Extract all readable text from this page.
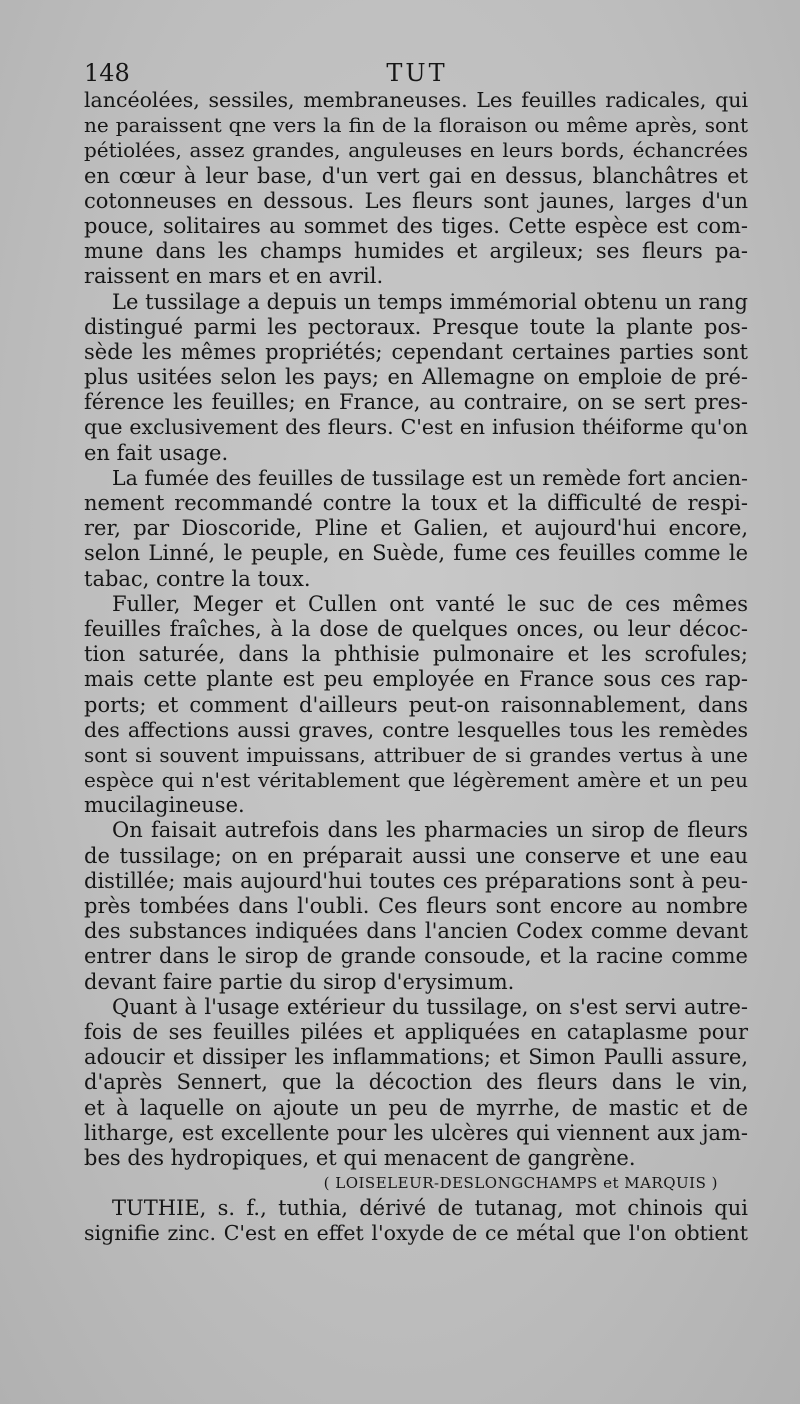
148	TUT
lancéolées, sessiles, membraneuses. Les feuilles radicales, qui
ne paraissent qne vers la fin de la floraison ou même après, sont
pétiolées, assez grandes, anguleuses en leurs bords, échancrées
en cœur à leur base, d'un vert gai en dessus, blanchâtres et
cotonneuses en dessous. Les fleurs sont jaunes, larges d'un
pouce, solitaires au sommet des tiges. Cette espèce est com-
mune dans les champs humides et argileux; ses fleurs pa-
raissent en mars et en avril.
Le tussilage a depuis un temps immémorial obtenu un rang
distingué parmi les pectoraux. Presque toute la plante pos-
sède les mêmes propriétés; cependant certaines parties sont
plus usitées selon les pays; en Allemagne on emploie de pré-
férence les feuilles; en France, au contraire, on se sert pres-
que exclusivement des fleurs. C'est en infusion théiforme qu'on
en fait usage.
La fumée des feuilles de tussilage est un remède fort ancien-
nement recommandé contre la toux et la difficulté de respi-
rer, par Dioscoride, Pline et Galien, et aujourd'hui encore,
selon Linné, le peuple, en Suède, fume ces feuilles comme le
tabac, contre la toux.
Fuller, Meger et Cullen ont vanté le suc de ces mêmes
feuilles fraîches, à la dose de quelques onces, ou leur décoc-
tion saturée, dans la phthisie pulmonaire et les scrofules;
mais cette plante est peu employée en France sous ces rap-
ports; et comment d'ailleurs peut-on raisonnablement, dans
des affections aussi graves, contre lesquelles tous les remèdes
sont si souvent impuissans, attribuer de si grandes vertus à une
espèce qui n'est véritablement que légèrement amère et un peu
mucilagineuse.
On faisait autrefois dans les pharmacies un sirop de fleurs
de tussilage; on en préparait aussi une conserve et une eau
distillée; mais aujourd'hui toutes ces préparations sont à peu-
près tombées dans l'oubli. Ces fleurs sont encore au nombre
des substances indiquées dans l'ancien Codex comme devant
entrer dans le sirop de grande consoude, et la racine comme
devant faire partie du sirop d'erysimum.
Quant à l'usage extérieur du tussilage, on s'est servi autre-
fois de ses feuilles pilées et appliquées en cataplasme pour
adoucir et dissiper les inflammations; et Simon Paulli assure,
d'après Sennert, que la décoction des fleurs dans le vin,
et à laquelle on ajoute un peu de myrrhe, de mastic et de
litharge, est excellente pour les ulcères qui viennent aux jam-
bes des hydropiques, et qui menacent de gangrène.
( LOISELEUR-DESLONGCHAMPS et MARQUIS )
TUTHIE, s. f., tuthia, dérivé de tutanag, mot chinois qui
signifie zinc. C'est en effet l'oxyde de ce métal que l'on obtient
